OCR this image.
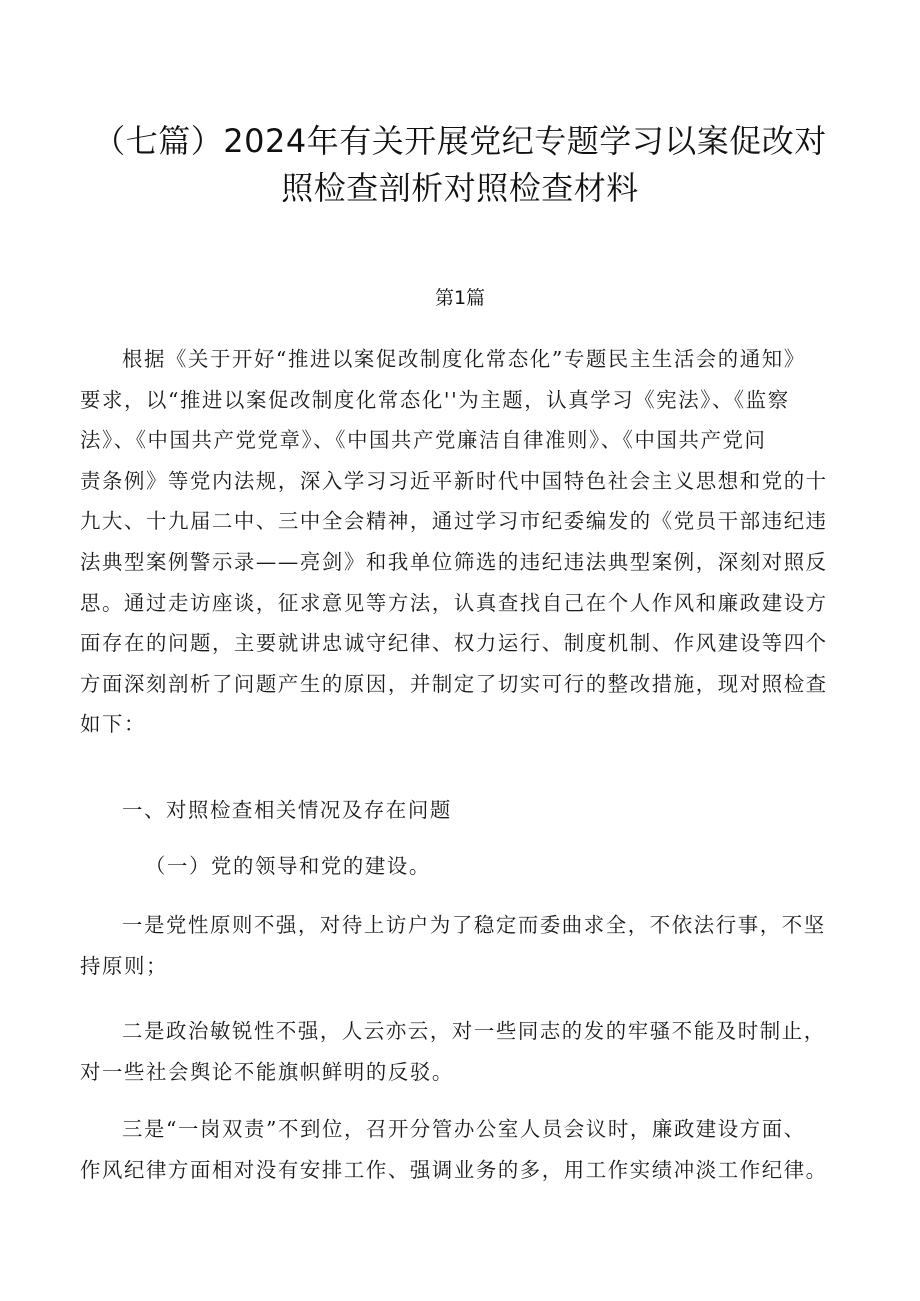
（七篇）2024年有关开展党纪专题学习以案促改对
照检查剖析对照检查材料
第1篇
根据《关于开好“推进以案促改制度化常态化”专题民主生活会的通知》
要求，以“推进以案促改制度化常态化''为主题，认真学习《宪法》、《监察
法》、《中国共产党党章》、《中国共产党廉洁自律准则》、《中国共产党问
责条例》等党内法规，深入学习习近平新时代中国特色社会主义思想和党的十
九大、十九届二中、三中全会精神，通过学习市纪委编发的《党员干部违纪违
法典型案例警示录——亮剑》和我单位筛选的违纪违法典型案例，深刻对照反
思。通过走访座谈，征求意见等方法，认真查找自己在个人作风和廉政建设方
面存在的问题，主要就讲忠诚守纪律、权力运行、制度机制、作风建设等四个
方面深刻剖析了问题产生的原因，并制定了切实可行的整改措施，现对照检查
如下：
一、对照检查相关情况及存在问题
（一）党的领导和党的建设。
一是党性原则不强，对待上访户为了稳定而委曲求全，不依法行事，不坚
持原则；
二是政治敏锐性不强，人云亦云，对一些同志的发的牢骚不能及时制止，
对一些社会舆论不能旗帜鲜明的反驳。
三是“一岗双责”不到位，召开分管办公室人员会议时，廉政建设方面、
作风纪律方面相对没有安排工作、强调业务的多，用工作实绩冲淡工作纪律。
